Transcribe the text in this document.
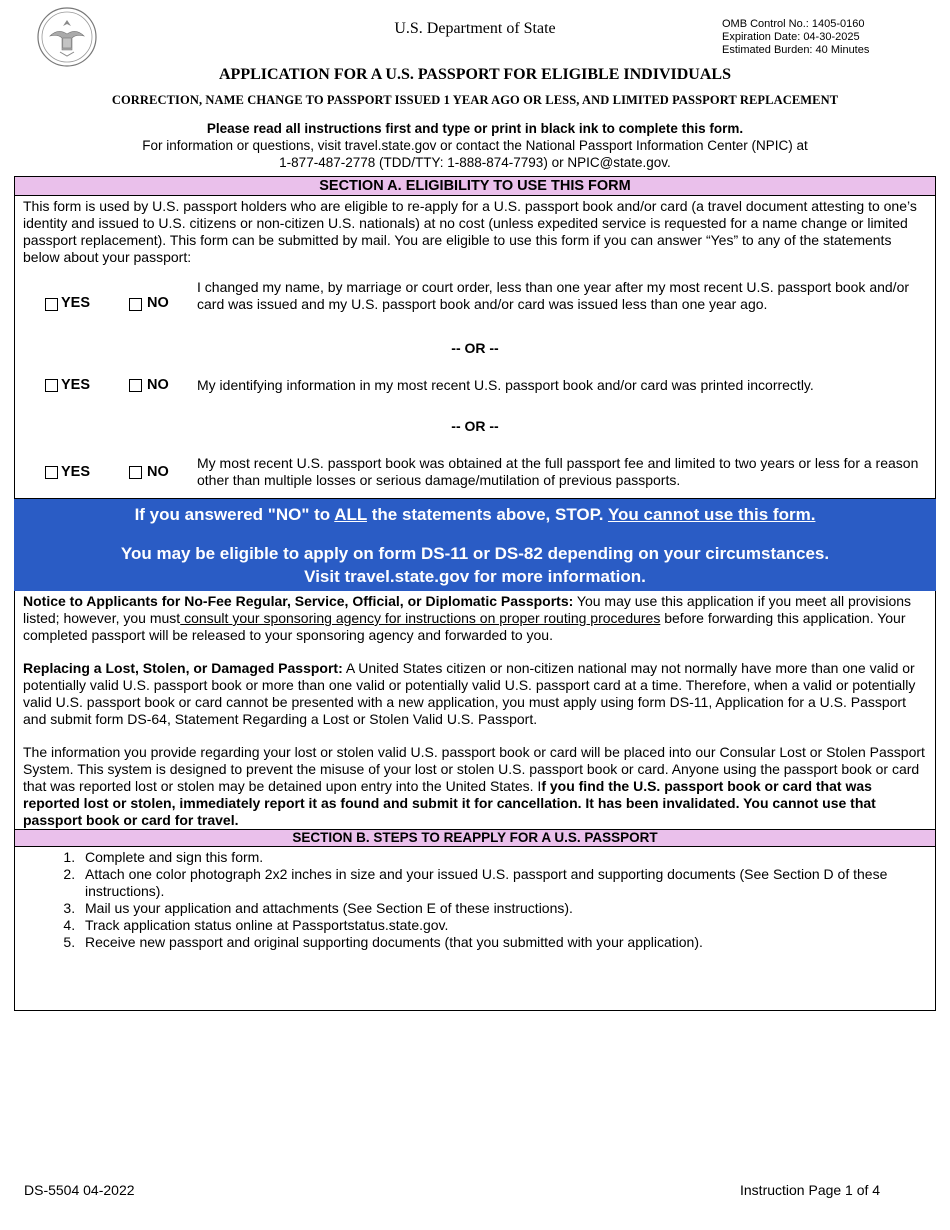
U.S. Department of State	OMB Control No.: 1405-0160
Expiration Date: 04-30-2025
Estimated Burden: 40 Minutes
APPLICATION FOR A U.S. PASSPORT FOR ELIGIBLE INDIVIDUALS
CORRECTION, NAME CHANGE TO PASSPORT ISSUED 1 YEAR AGO OR LESS, AND LIMITED PASSPORT REPLACEMENT
Please read all instructions first and type or print in black ink to complete this form.
For information or questions, visit travel.state.gov or contact the National Passport Information Center (NPIC) at
1-877-487-2778 (TDD/TTY: 1-888-874-7793) or NPIC@state.gov.
SECTION A. ELIGIBILITY TO USE THIS FORM
This form is used by U.S. passport holders who are eligible to re-apply for a U.S. passport book and/or card (a travel document attesting to one’s identity and issued to U.S. citizens or non-citizen U.S. nationals) at no cost (unless expedited service is requested for a name change or limited passport replacement). This form can be submitted by mail. You are eligible to use this form if you can answer “Yes” to any of the statements below about your passport:
YES	NO
I changed my name, by marriage or court order, less than one year after my most recent U.S. passport book and/or card was issued and my U.S. passport book and/or card was issued less than one year ago.
-- OR --
YES	NO My identifying information in my most recent U.S. passport book and/or card was printed incorrectly.
-- OR --
YES	NO
My most recent U.S. passport book was obtained at the full passport fee and limited to two years or less for a reason other than multiple losses or serious damage/mutilation of previous passports.
If you answered "NO" to ALL the statements above, STOP. You cannot use this form.
You may be eligible to apply on form DS-11 or DS-82 depending on your circumstances.
Visit travel.state.gov for more information.

Notice to Applicants for No-Fee Regular, Service, Official, or Diplomatic Passports: You may use this application if you meet all provisions listed; however, you must consult your sponsoring agency for instructions on proper routing procedures before forwarding this application. Your completed passport will be released to your sponsoring agency and forwarded to you.

Replacing a Lost, Stolen, or Damaged Passport: A United States citizen or non-citizen national may not normally have more than one valid or potentially valid U.S. passport book or more than one valid or potentially valid U.S. passport card at a time. Therefore, when a valid or potentially valid U.S. passport book or card cannot be presented with a new application, you must apply using form DS-11, Application for a U.S. Passport and submit form DS-64, Statement Regarding a Lost or Stolen Valid U.S. Passport.

The information you provide regarding your lost or stolen valid U.S. passport book or card will be placed into our Consular Lost or Stolen Passport System. This system is designed to prevent the misuse of your lost or stolen U.S. passport book or card. Anyone using the passport book or card that was reported lost or stolen may be detained upon entry into the United States. If you find the U.S. passport book or card that was reported lost or stolen, immediately report it as found and submit it for cancellation. It has been invalidated. You cannot use that passport book or card for travel.

SECTION B. STEPS TO REAPPLY FOR A U.S. PASSPORT
1. Complete and sign this form.
2. Attach one color photograph 2x2 inches in size and your issued U.S. passport and supporting documents (See Section D of these instructions).
3. Mail us your application and attachments (See Section E of these instructions).
4. Track application status online at Passportstatus.state.gov.
5. Receive new passport and original supporting documents (that you submitted with your application).
DS-5504 04-2022	Instruction Page 1 of 4
